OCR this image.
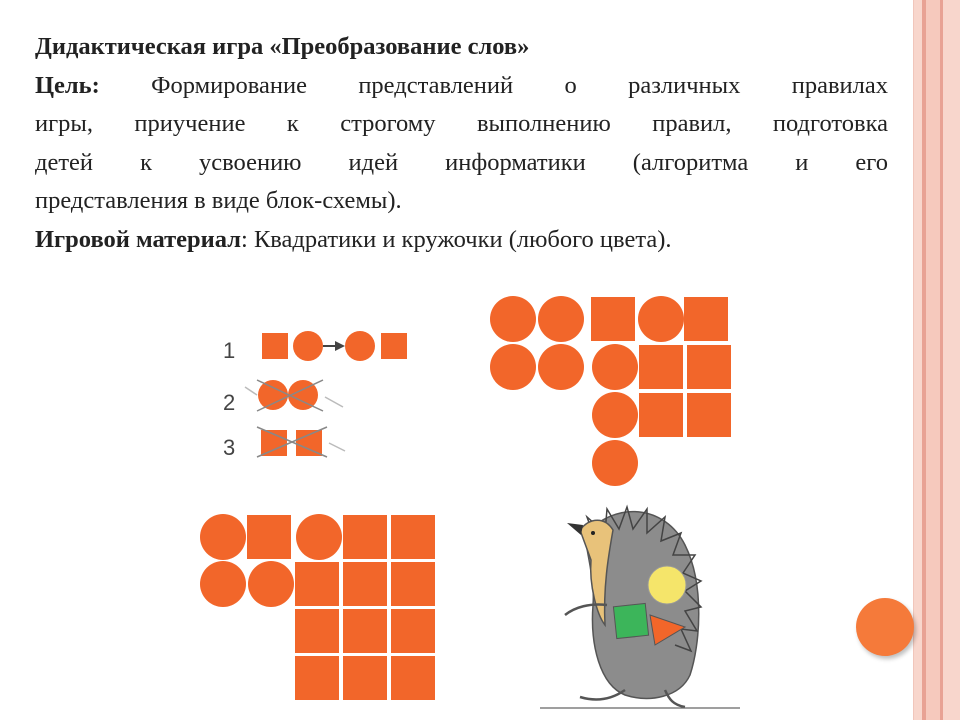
Дидактическая игра «Преобразование слов»

Цель: Формирование представлений о различных правилах

игры, приучение к строгому выполнению правил, подготовка

детей к усвоению идей информатики (алгоритма и его

представления в виде блок-схемы).

Игровой материал: Квадратики и кружочки (любого цвета).

1
2
3
